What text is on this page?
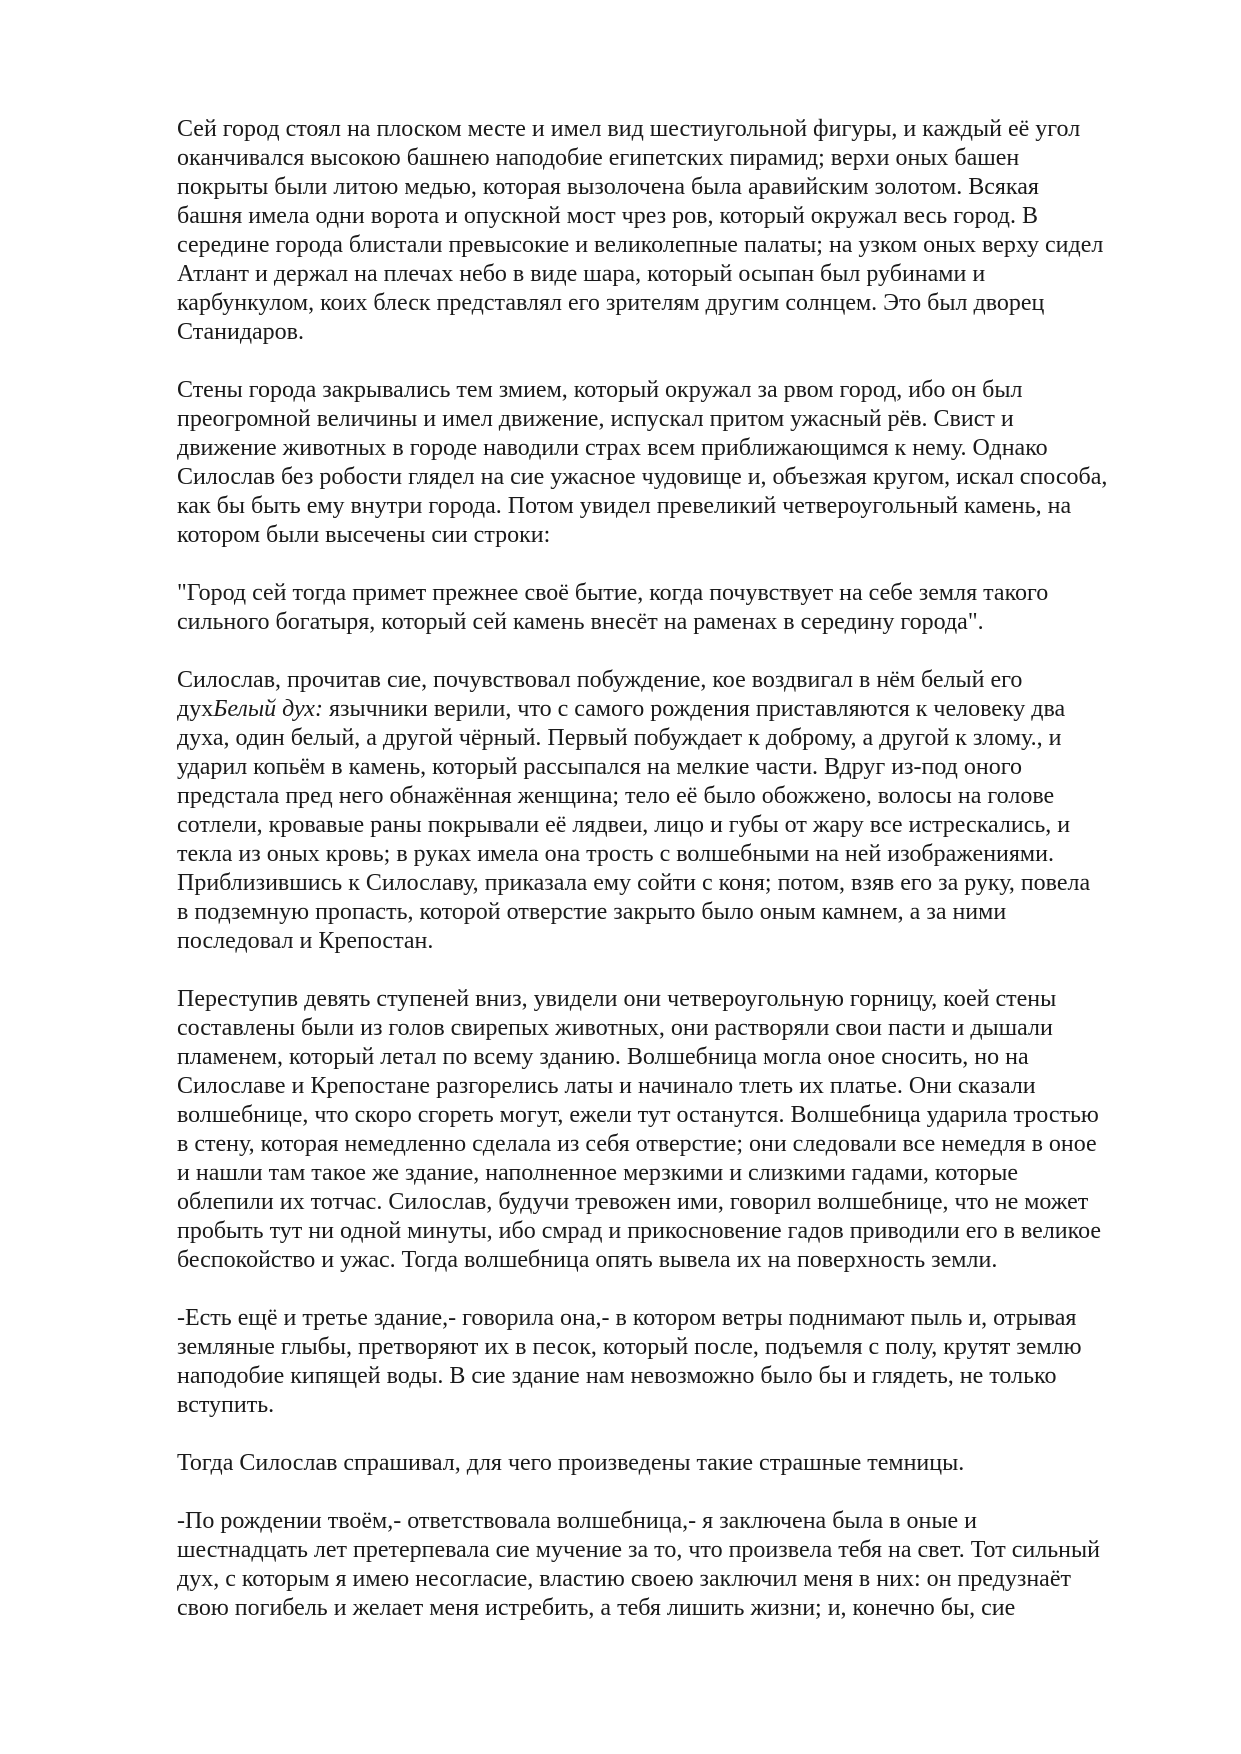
Сей город стоял на плоском месте и имел вид шестиугольной фигуры, и каждый её угол
оканчивался высокою башнею наподобие египетских пирамид; верхи оных башен
покрыты были литою медью, которая вызолочена была аравийским золотом. Всякая
башня имела одни ворота и опускной мост чрез ров, который окружал весь город. В
середине города блистали превысокие и великолепные палаты; на узком оных верху сидел
Атлант и держал на плечах небо в виде шара, который осыпан был рубинами и
карбункулом, коих блеск представлял его зрителям другим солнцем. Это был дворец
Станидаров.

Стены города закрывались тем змием, который окружал за рвом город, ибо он был
преогромной величины и имел движение, испускал притом ужасный рёв. Свист и
движение животных в городе наводили страх всем приближающимся к нему. Однако
Силослав без робости глядел на сие ужасное чудовище и, объезжая кругом, искал способа,
как бы быть ему внутри города. Потом увидел превеликий четвероугольный камень, на
котором были высечены сии строки:

"Город сей тогда примет прежнее своё бытие, когда почувствует на себе земля такого
сильного богатыря, который сей камень внесёт на раменах в середину города".

Силослав, прочитав сие, почувствовал побуждение, кое воздвигал в нём белый его
духБелый дух: язычники верили, что с самого рождения приставляются к человеку два
духа, один белый, а другой чёрный. Первый побуждает к доброму, а другой к злому., и
ударил копьём в камень, который рассыпался на мелкие части. Вдруг из-под оного
предстала пред него обнажённая женщина; тело её было обожжено, волосы на голове
сотлели, кровавые раны покрывали её лядвеи, лицо и губы от жару все истрескались, и
текла из оных кровь; в руках имела она трость с волшебными на ней изображениями.
Приблизившись к Силославу, приказала ему сойти с коня; потом, взяв его за руку, повела
в подземную пропасть, которой отверстие закрыто было оным камнем, а за ними
последовал и Крепостан.

Переступив девять ступеней вниз, увидели они четвероугольную горницу, коей стены
составлены были из голов свирепых животных, они растворяли свои пасти и дышали
пламенем, который летал по всему зданию. Волшебница могла оное сносить, но на
Силославе и Крепостане разгорелись латы и начинало тлеть их платье. Они сказали
волшебнице, что скоро сгореть могут, ежели тут останутся. Волшебница ударила тростью
в стену, которая немедленно сделала из себя отверстие; они следовали все немедля в оное
и нашли там такое же здание, наполненное мерзкими и слизкими гадами, которые
облепили их тотчас. Силослав, будучи тревожен ими, говорил волшебнице, что не может
пробыть тут ни одной минуты, ибо смрад и прикосновение гадов приводили его в великое
беспокойство и ужас. Тогда волшебница опять вывела их на поверхность земли.

-Есть ещё и третье здание,- говорила она,- в котором ветры поднимают пыль и, отрывая
земляные глыбы, претворяют их в песок, который после, подъемля с полу, крутят землю
наподобие кипящей воды. В сие здание нам невозможно было бы и глядеть, не только
вступить.

Тогда Силослав спрашивал, для чего произведены такие страшные темницы.

-По рождении твоём,- ответствовала волшебница,- я заключена была в оные и
шестнадцать лет претерпевала сие мучение за то, что произвела тебя на свет. Тот сильный
дух, с которым я имею несогласие, властию своею заключил меня в них: он предузнаёт
свою погибель и желает меня истребить, а тебя лишить жизни; и, конечно бы, сие
